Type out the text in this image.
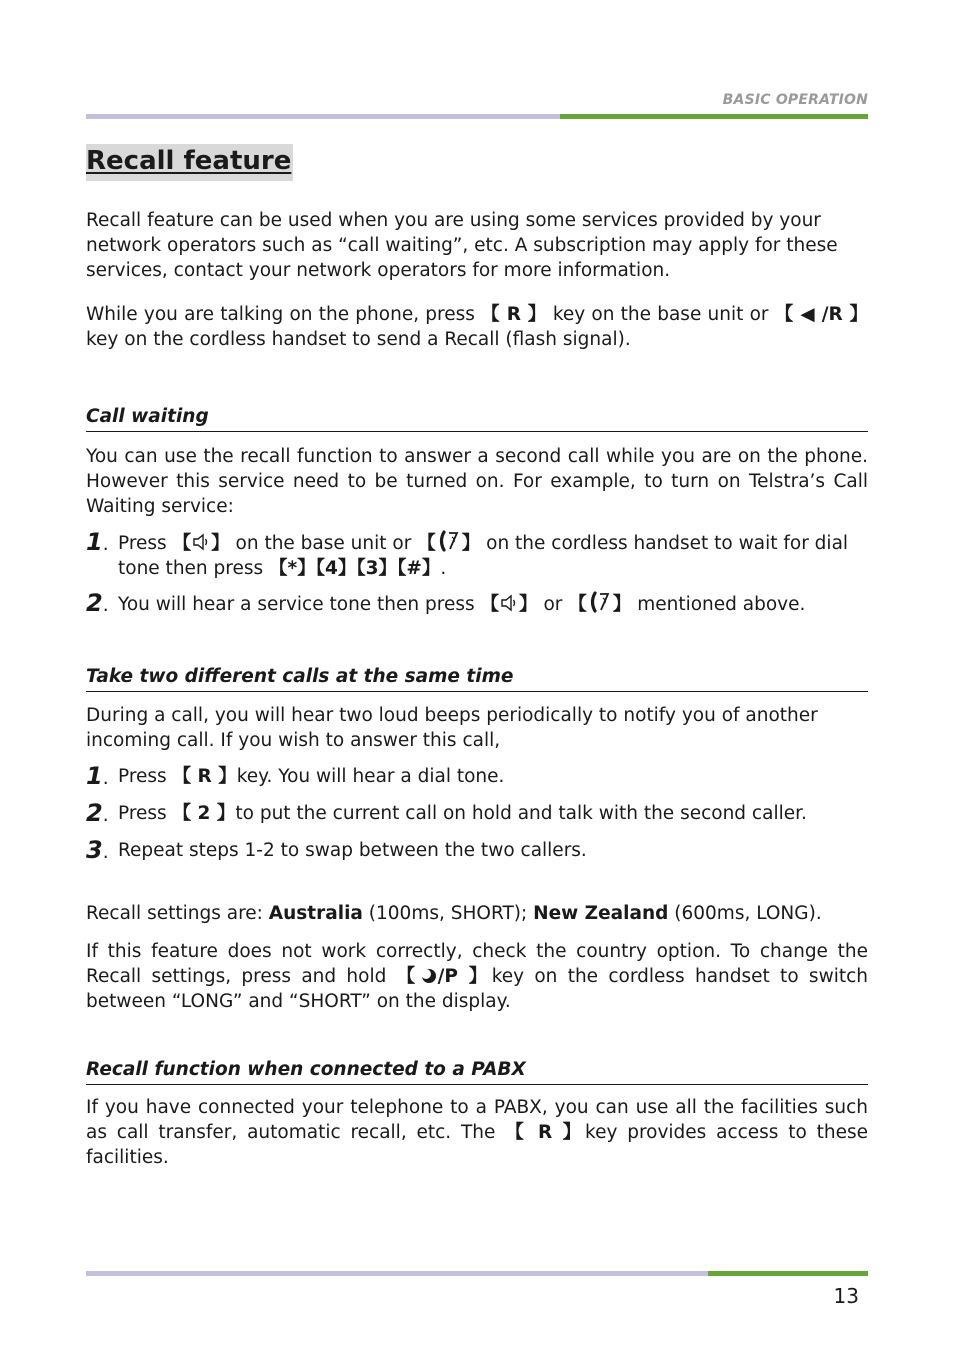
BASIC OPERATION
Recall feature

Recall feature can be used when you are using some services provided by your network operators such as “call waiting”, etc. A subscription may apply for these services, contact your network operators for more information.

While you are talking on the phone, press 【 R 】 key on the base unit or 【 ◀ /R 】 key on the cordless handset to send a Recall (flash signal).

Call waiting

You can use the recall function to answer a second call while you are on the phone. However this service need to be turned on. For example, to turn on Telstra’s Call Waiting service:

1. Press 【 】 on the base unit or 【 】 on the cordless handset to wait for dial tone then press 【*】【4】【3】【#】.
2. You will hear a service tone then press 【 】 or 【 】 mentioned above.
Take two different calls at the same time

During a call, you will hear two loud beeps periodically to notify you of another incoming call. If you wish to answer this call,

1. Press 【 R 】key. You will hear a dial tone.
2. Press 【 2 】to put the current call on hold and talk with the second caller.
3. Repeat steps 1-2 to swap between the two callers.

Recall settings are: Australia (100ms, SHORT); New Zealand (600ms, LONG).

If this feature does not work correctly, check the country option. To change the Recall settings, press and hold 【 /P 】key on the cordless handset to switch between “LONG” and “SHORT” on the display.

Recall function when connected to a PABX

If you have connected your telephone to a PABX, you can use all the facilities such as call transfer, automatic recall, etc. The 【 R 】key provides access to these facilities.

13
